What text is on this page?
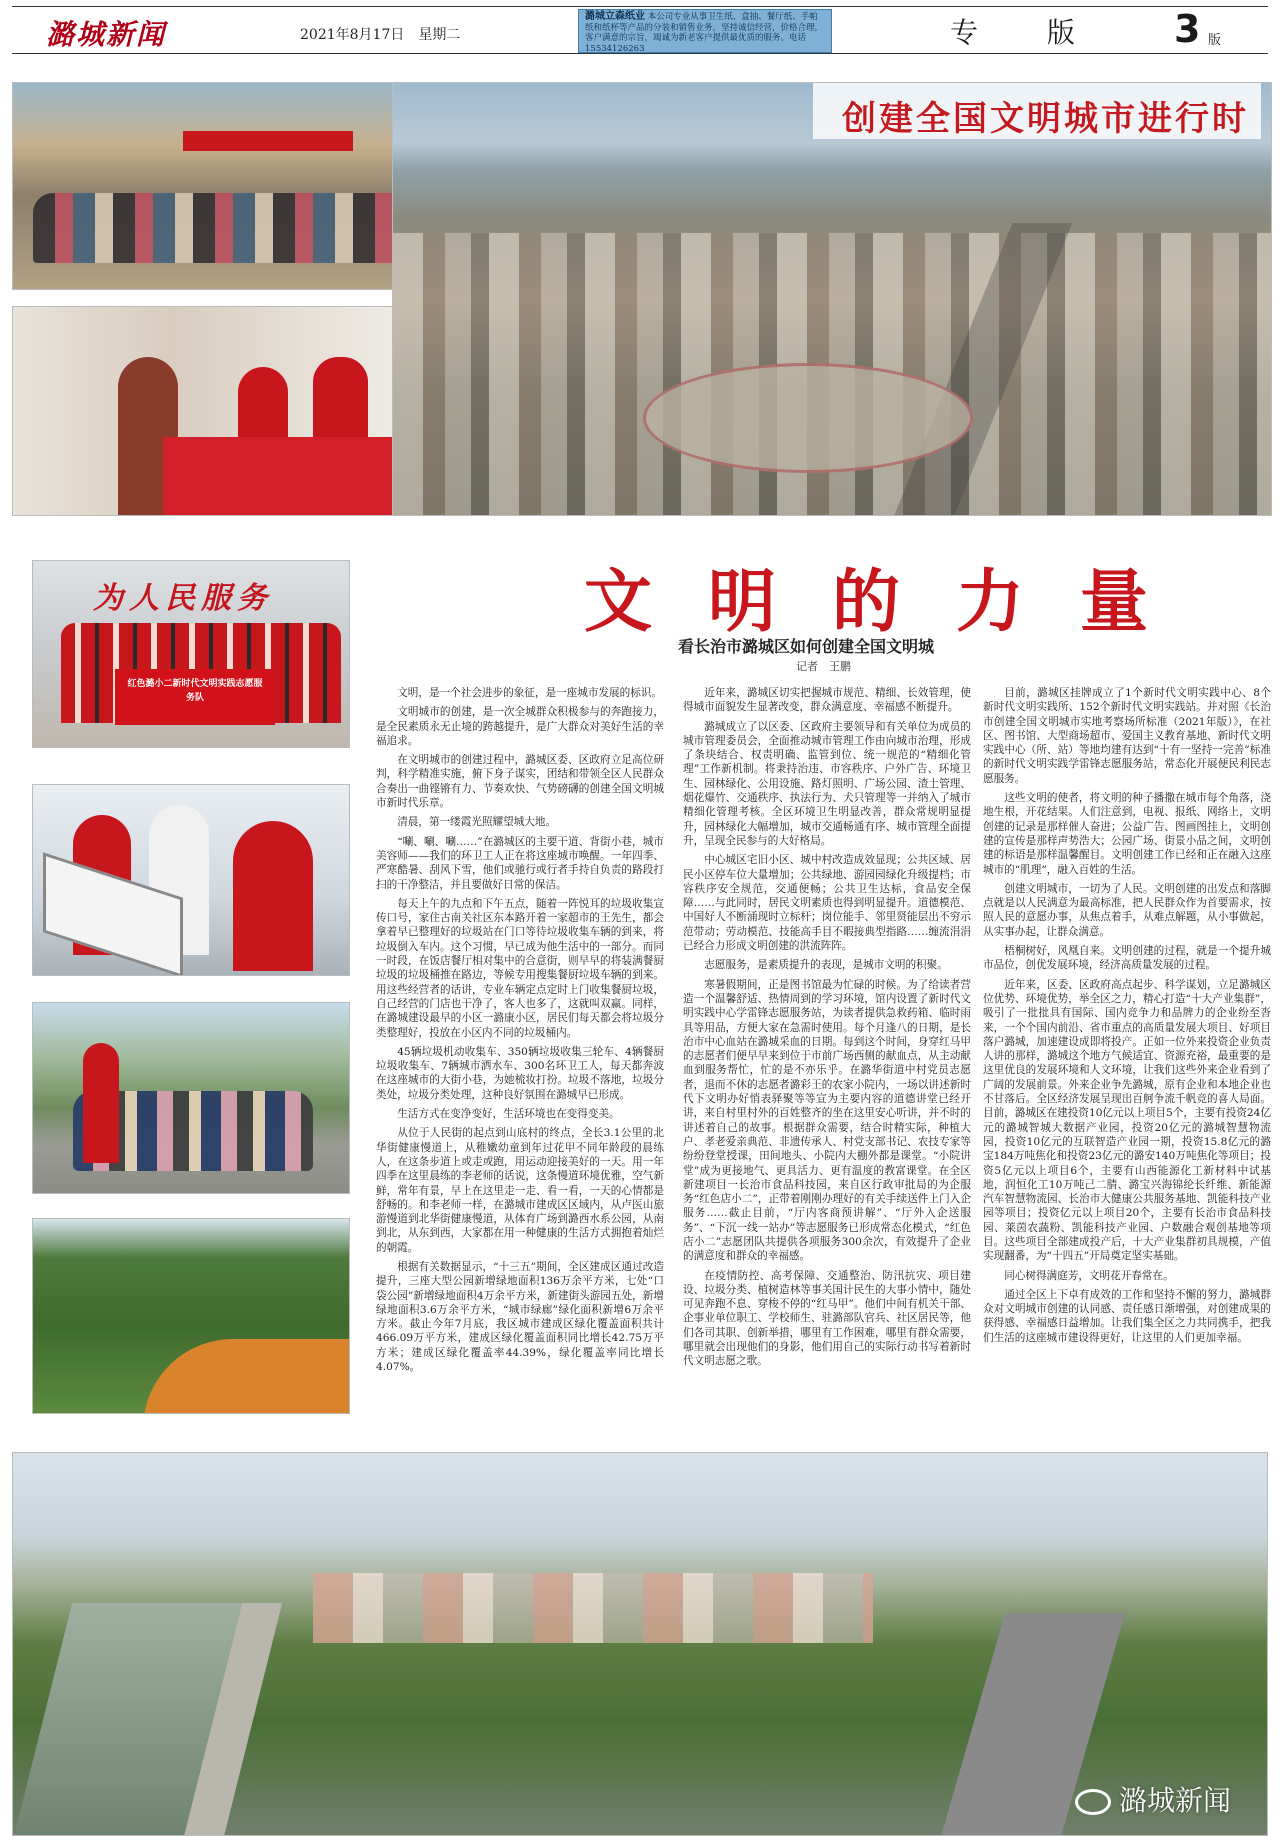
潞城新闻	2021年8月17日　星期二
潞城立森纸业 本公司专业从事卫生纸、盒抽、餐厅纸、手帕纸和纸杯等产品的分装和销售业务，坚持诚信经营，价格合理，客户满意的宗旨，竭诚为新老客户提供最优质的服务。电话 15534126263	专 版 3 版
创建全国文明城市进行时
为人民服务
红色潞小二新时代文明实践志愿服务队
文明的力量
看长治市潞城区如何创建全国文明城
记者　王鹏

文明，是一个社会进步的象征，是一座城市发展的标识。

文明城市的创建，是一次全城群众积极参与的奔跑接力，是全民素质永无止境的跨越提升，是广大群众对美好生活的幸福追求。

在文明城市的创建过程中，潞城区委、区政府立足高位研判，科学精准实施，俯下身子谋实，团结和带领全区人民群众合奏出一曲铿锵有力、节奏欢快、气势磅礴的创建全国文明城市新时代乐章。

清晨，第一缕霞光照耀望城大地。

“唰、唰、唰……”在潞城区的主要干道、背街小巷，城市美容师——我们的环卫工人正在将这座城市唤醒。一年四季、严寒酷暑、刮风下雪，他们或驰行或行者手持自负责的路段打扫的干净整洁，并且要做好日常的保洁。

每天上午的九点和下午五点，随着一阵悦耳的垃圾收集宣传口号，家住古南关社区东本路开着一家超市的王先生，都会拿着早已整理好的垃圾站在门口等待垃圾收集车辆的到来，将垃圾倒入车内。这个习惯，早已成为他生活中的一部分。而同一时段，在饭店餐厅相对集中的合意街，则早早的将装满餐厨垃圾的垃圾桶推在路边，等候专用搜集餐厨垃圾车辆的到来。用这些经营者的话讲，专业车辆定点定时上门收集餐厨垃圾，自己经营的门店也干净了，客人也多了，这就叫双赢。同样，在潞城建设最早的小区一潞康小区，居民们每天都会将垃圾分类整理好，投放在小区内不同的垃圾桶内。

45辆垃圾机动收集车、350辆垃圾收集三轮车、4辆餐厨垃圾收集车、7辆城市洒水车、300名环卫工人，每天都奔波在这座城市的大街小巷，为她梳妆打扮。垃圾不落地，垃圾分类处，垃圾分类处理，这种良好氛围在潞城早已形成。

生活方式在变净变好，生活环境也在变得变美。

从位于人民街的起点到山底村的终点，全长3.1公里的北华街健康慢道上，从稚嫩幼童到年过花甲不同年龄段的晨练人，在这条步道上或走或跑，用运动迎接美好的一天。用一年四季在这里晨练的李老师的话说，这条慢道环境优雅，空气新鲜，常年有景，早上在这里走一走、看一看，一天的心情都是舒畅的。和李老师一样，在潞城市建成区区域内，从卢医山旅游慢道到北华街健康慢道，从体育广场到潞西水系公园，从南到北，从东到西，大家都在用一种健康的生活方式拥抱着灿烂的朝霞。

根据有关数据显示，“十三五”期间，全区建成区通过改造提升，三座大型公园新增绿地面积136万余平方米，七处“口袋公园”新增绿地面积4万余平方米，新建街头游园五处，新增绿地面积3.6万余平方米，“城市绿廊”绿化面积新增6万余平方米。截止今年7月底，我区城市建成区绿化覆盖面积共计466.09万平方米，建成区绿化覆盖面积同比增长42.75万平方米；建成区绿化覆盖率44.39%，绿化覆盖率同比增长4.07%。

近年来，潞城区切实把握城市规范、精细、长效管理，使得城市面貌发生显著改变，群众满意度、幸福感不断提升。

潞城成立了以区委、区政府主要领导和有关单位为成员的城市管理委员会，全面推动城市管理工作由向城市治理，形成了条块结合、权责明确、监管到位、统一规范的“精细化管理”工作新机制。将秉持治违、市容秩序、户外广告、环境卫生、园林绿化、公用设施、路灯照明、广场公园、渣土管理、烟花爆竹、交通秩序、执法行为、犬只管理等一并纳入了城市精细化管理考核。全区环境卫生明显改善，群众常规明显提升，园林绿化大幅增加，城市交通畅通有序、城市管理全面提升，呈现全民参与的大好格局。

中心城区宅旧小区、城中村改造成效显现；公共区域、居民小区停车位大量增加；公共绿地、游园园绿化升级提档；市容秩序安全规范，交通便畅；公共卫生达标，食品安全保障……与此同时，居民文明素质也得到明显提升。道德模范、中国好人不断涌现时立标杆；岗位能手、邻里贤能层出不穷示范带动；劳动模范、技能高手目不暇接典型指路……缠流涓涓已经合力形成文明创建的洪流阵阵。

志愿服务，是素质提升的表现，是城市文明的积聚。

寒暑假期间，正是图书馆最为忙碌的时候。为了给读者营造一个温馨舒适、热情周到的学习环境，馆内设置了新时代文明实践中心学雷锋志愿服务站，为读者提供急救药箱、临时雨具等用品，方便大家在急需时使用。每个月逢八的日期，是长治市中心血站在潞城采血的日期。每到这个时间，身穿红马甲的志愿者们便早早来到位于市前广场西侧的献血点，从主动献血到服务帮忙，忙的是不亦乐乎。在潞华街道中村党员志愿者，退而不休的志愿者潞彩王的农家小院内，一场以讲述新时代下文明办好悄表驿聚等等宣为主要内容的道德讲堂已经开讲，来自村里村外的百姓整齐的坐在这里安心听讲，并不时的讲述着自己的故事。根据群众需要，结合时精实际，种植大户、孝老爱亲典范、非遗传承人、村党支部书记、农技专家等纷纷登堂授课，田间地头、小院内大棚外都是课堂。“小院讲堂”成为更接地气、更具活力、更有温度的教富课堂。在全区新建项目一长治市食品科技园，来自区行政审批局的为企服务“红色店小二”，正带着刚刚办理好的有关手续送件上门入企服务……截止目前，“厅内客商预讲解”、“厅外入企送服务”、“下沉一线一站办”等志愿服务已形成常态化模式，“红色店小二”志愿团队共提供各项服务300余次，有效提升了企业的满意度和群众的幸福感。

在疫情防控、高考保障、交通整治、防汛抗灾、项目建设、垃圾分类、植树造林等事关国计民生的大事小情中，随处可见奔跑不息、穿梭不停的“红马甲”。他们中间有机关干部、企事业单位职工、学校师生、驻潞部队官兵、社区居民等，他们各司其职、创新举措，哪里有工作困难，哪里有群众需要，哪里就会出现他们的身影，他们用自己的实际行动书写着新时代文明志愿之歌。

目前，潞城区挂牌成立了1个新时代文明实践中心、8个新时代文明实践所、152个新时代文明实践站。并对照《长治市创建全国文明城市实地考察场所标准（2021年版）》，在社区、图书馆、大型商场超市、爱国主义教育基地、新时代文明实践中心（所、站）等地均建有达到“十有一坚持一完善”标准的新时代文明实践学雷锋志愿服务站，常态化开展便民利民志愿服务。

这些文明的使者，将文明的种子播撒在城市每个角落，浇地生根，开花结果。人们注意到，电视、报纸、网络上，文明创建的记录是那样催人奋进；公益广告、图画图挂上，文明创建的宣传是那样声势浩大；公园广场、街景小品之间，文明创建的标语是那样温馨醒目。文明创建工作已经和正在融入这座城市的“肌理”，融入百姓的生活。

创建文明城市，一切为了人民。文明创建的出发点和落脚点就是以人民满意为最高标准，把人民群众作为首要需求，按照人民的意愿办事，从焦点着手，从难点解题，从小事做起，从实事办起，让群众满意。

梧桐树好，风凰自来。文明创建的过程，就是一个提升城市品位，创优发展环境，经济高质量发展的过程。

近年来，区委、区政府高点起步、科学谋划，立足潞城区位优势、环境优势，举全区之力，精心打造“十大产业集群”，吸引了一批批具有国际、国内竞争力和品牌力的企业纷至沓来，一个个国内前沿、省市重点的高质量发展大项目、好项目落户潞城，加速建设成即将投产。正如一位外来投资企业负责人讲的那样，潞城这个地方气候适宜、资源充裕，最重要的是这里优良的发展环境和人文环境，让我们这些外来企业看到了广阔的发展前景。外来企业争先潞城，原有企业和本地企业也不甘落后。全区经济发展呈现出百舸争流千帆竞的喜人局面。目前，潞城区在建投资10亿元以上项目5个，主要有投资24亿元的潞城智城大数据产业园，投资20亿元的潞城智慧物流园，投资10亿元的互联智造产业园一期，投资15.8亿元的潞宝184万吨焦化和投资23亿元的潞安140万吨焦化等项目；投资5亿元以上项目6个，主要有山西能源化工新材料中试基地，润恒化工10万吨己二腈、潞宝兴海锦纶长纤维、新能源汽车智慧物流园、长治市大健康公共服务基地、凯能科技产业园等项目；投资亿元以上项目20个，主要有长治市食品科技园、莱茵农蔬粉、凯能科技产业园、户数融合观创基地等项目。这些项目全部建成投产后，十大产业集群初具规模，产值实现翻番，为“十四五”开局奠定坚实基础。

同心树得满庭芳，文明花开春常在。

通过全区上下卓有成效的工作和坚持不懈的努力，潞城群众对文明城市创建的认同感、责任感日渐增强，对创建成果的获得感、幸福感日益增加。让我们集全区之力共同携手，把我们生活的这座城市建设得更好，让这里的人们更加幸福。

潞城新闻
